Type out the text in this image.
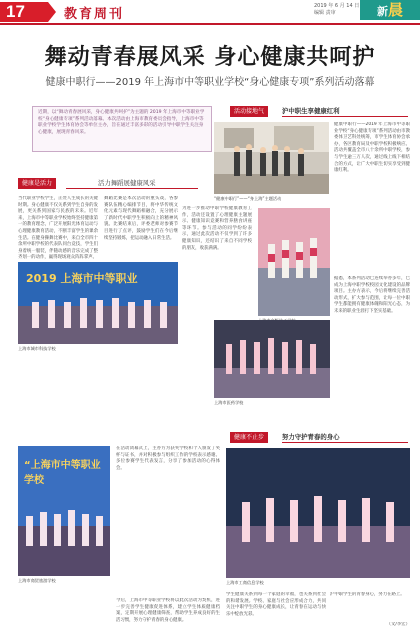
17	教育周刊
2019 年 6 月 14 日
编辑 责审	新晨
舞动青春展风采 身心健康共呵护
健康中职行——2019 年上海市中等职业学校“身心健康专项”系列活动落幕
近期，以“舞动青春展风采，身心健康共呵护”为主题的 2019 年上海市中等职业学校“身心健康专项”系列活动落幕。本次活动由上海市教育委员会指导，上海市中等职业学校学生体育协会等单位主办，旨在通过丰富多彩的活动引导中职学生关注身心健康，展现青春风采。
健康是活力	活力舞蹈展健康风采
当代职业学校学生，正处人生成长的关键时期。身心健康不仅关系到学生自身的发展，更关系到国家与民族的未来。近年来，上海市中等职业学校始终坚持健康第一的教育理念，广泛开展阳光体育运动与心理健康教育活动，不断丰富学生的课余生活。在健身操舞比赛中，来自全市四十余所中职学校的代表队同台竞技，学生们身着统一服装，伴随动感的音乐完成了整齐划一的动作，赢得现场观众阵阵掌声。
舞蹈比赛是本次活动的重头戏，各参赛队伍精心编排节目，将中华传统文化元素与现代舞蹈相融合，充分展示了新时代中职学生积极向上的精神风貌。比赛结束后，评委老师对参赛节目进行了点评，鼓励学生们在今后继续坚持锻炼，把运动融入日常生活。
活动接地气	沪中职生享健康红利
“健康中职行”——“身上海”主题活动
健康中职行——2019 年上海市中等职业学校“身心健康专项”系列活动由市教委体卫艺科处统筹，市学生体育协会承办，各区教育局及中职学校积极响应。活动共覆盖全市八十余所中职学校，参与学生逾三万人次，通过线上线下相结合的方式，让广大中职生切实享受到健康红利。
为进一步推动中职学校健康教育工作，活动还设置了心理健康主题展示、健康知识竞赛和营养膳食讲座等环节。参与活动的同学纷纷表示，通过此次活动不仅学到了许多健康知识，还结识了来自不同学校的朋友，收获满满。
上海市医药学校
据悉，本系列活动已连续举办多年，已成为上海中职学校校园文化建设的品牌项目。主办方表示，今后将继续完善活动形式，扩大参与范围，让每一位中职学生都能拥有健康体魄和阳光心态，为未来的职业生涯打下坚实基础。
2019 上海市中等职业
上海市城市科技学校
健康不止步	努力守护青春的身心
“上海市中等职业学校
上海市商贸旅游学校
在活动闭幕式上，主办方为获奖学校和个人颁发了奖杯与证书，并对积极参与组织工作的学校表示感谢。多位参赛学生代表发言，分享了参加活动的心得体会。
上海市工商信息学校
今后，上海市中等职业学校将以此次活动为契机，进一步完善学生健康促进体系，建立学生体质健康档案，定期开展心理健康筛查，帮助学生养成良好的生活习惯，努力守护青春的身心健康。
学生健康关系到每一个家庭的幸福，也关系到社会的和谐发展。学校、家庭与社会应形成合力，共同关注中职学生的身心健康成长，让青春在运动与快乐中绽放光彩。
沪中职学生的青春身心，努力在路上。
（文/李宏）
